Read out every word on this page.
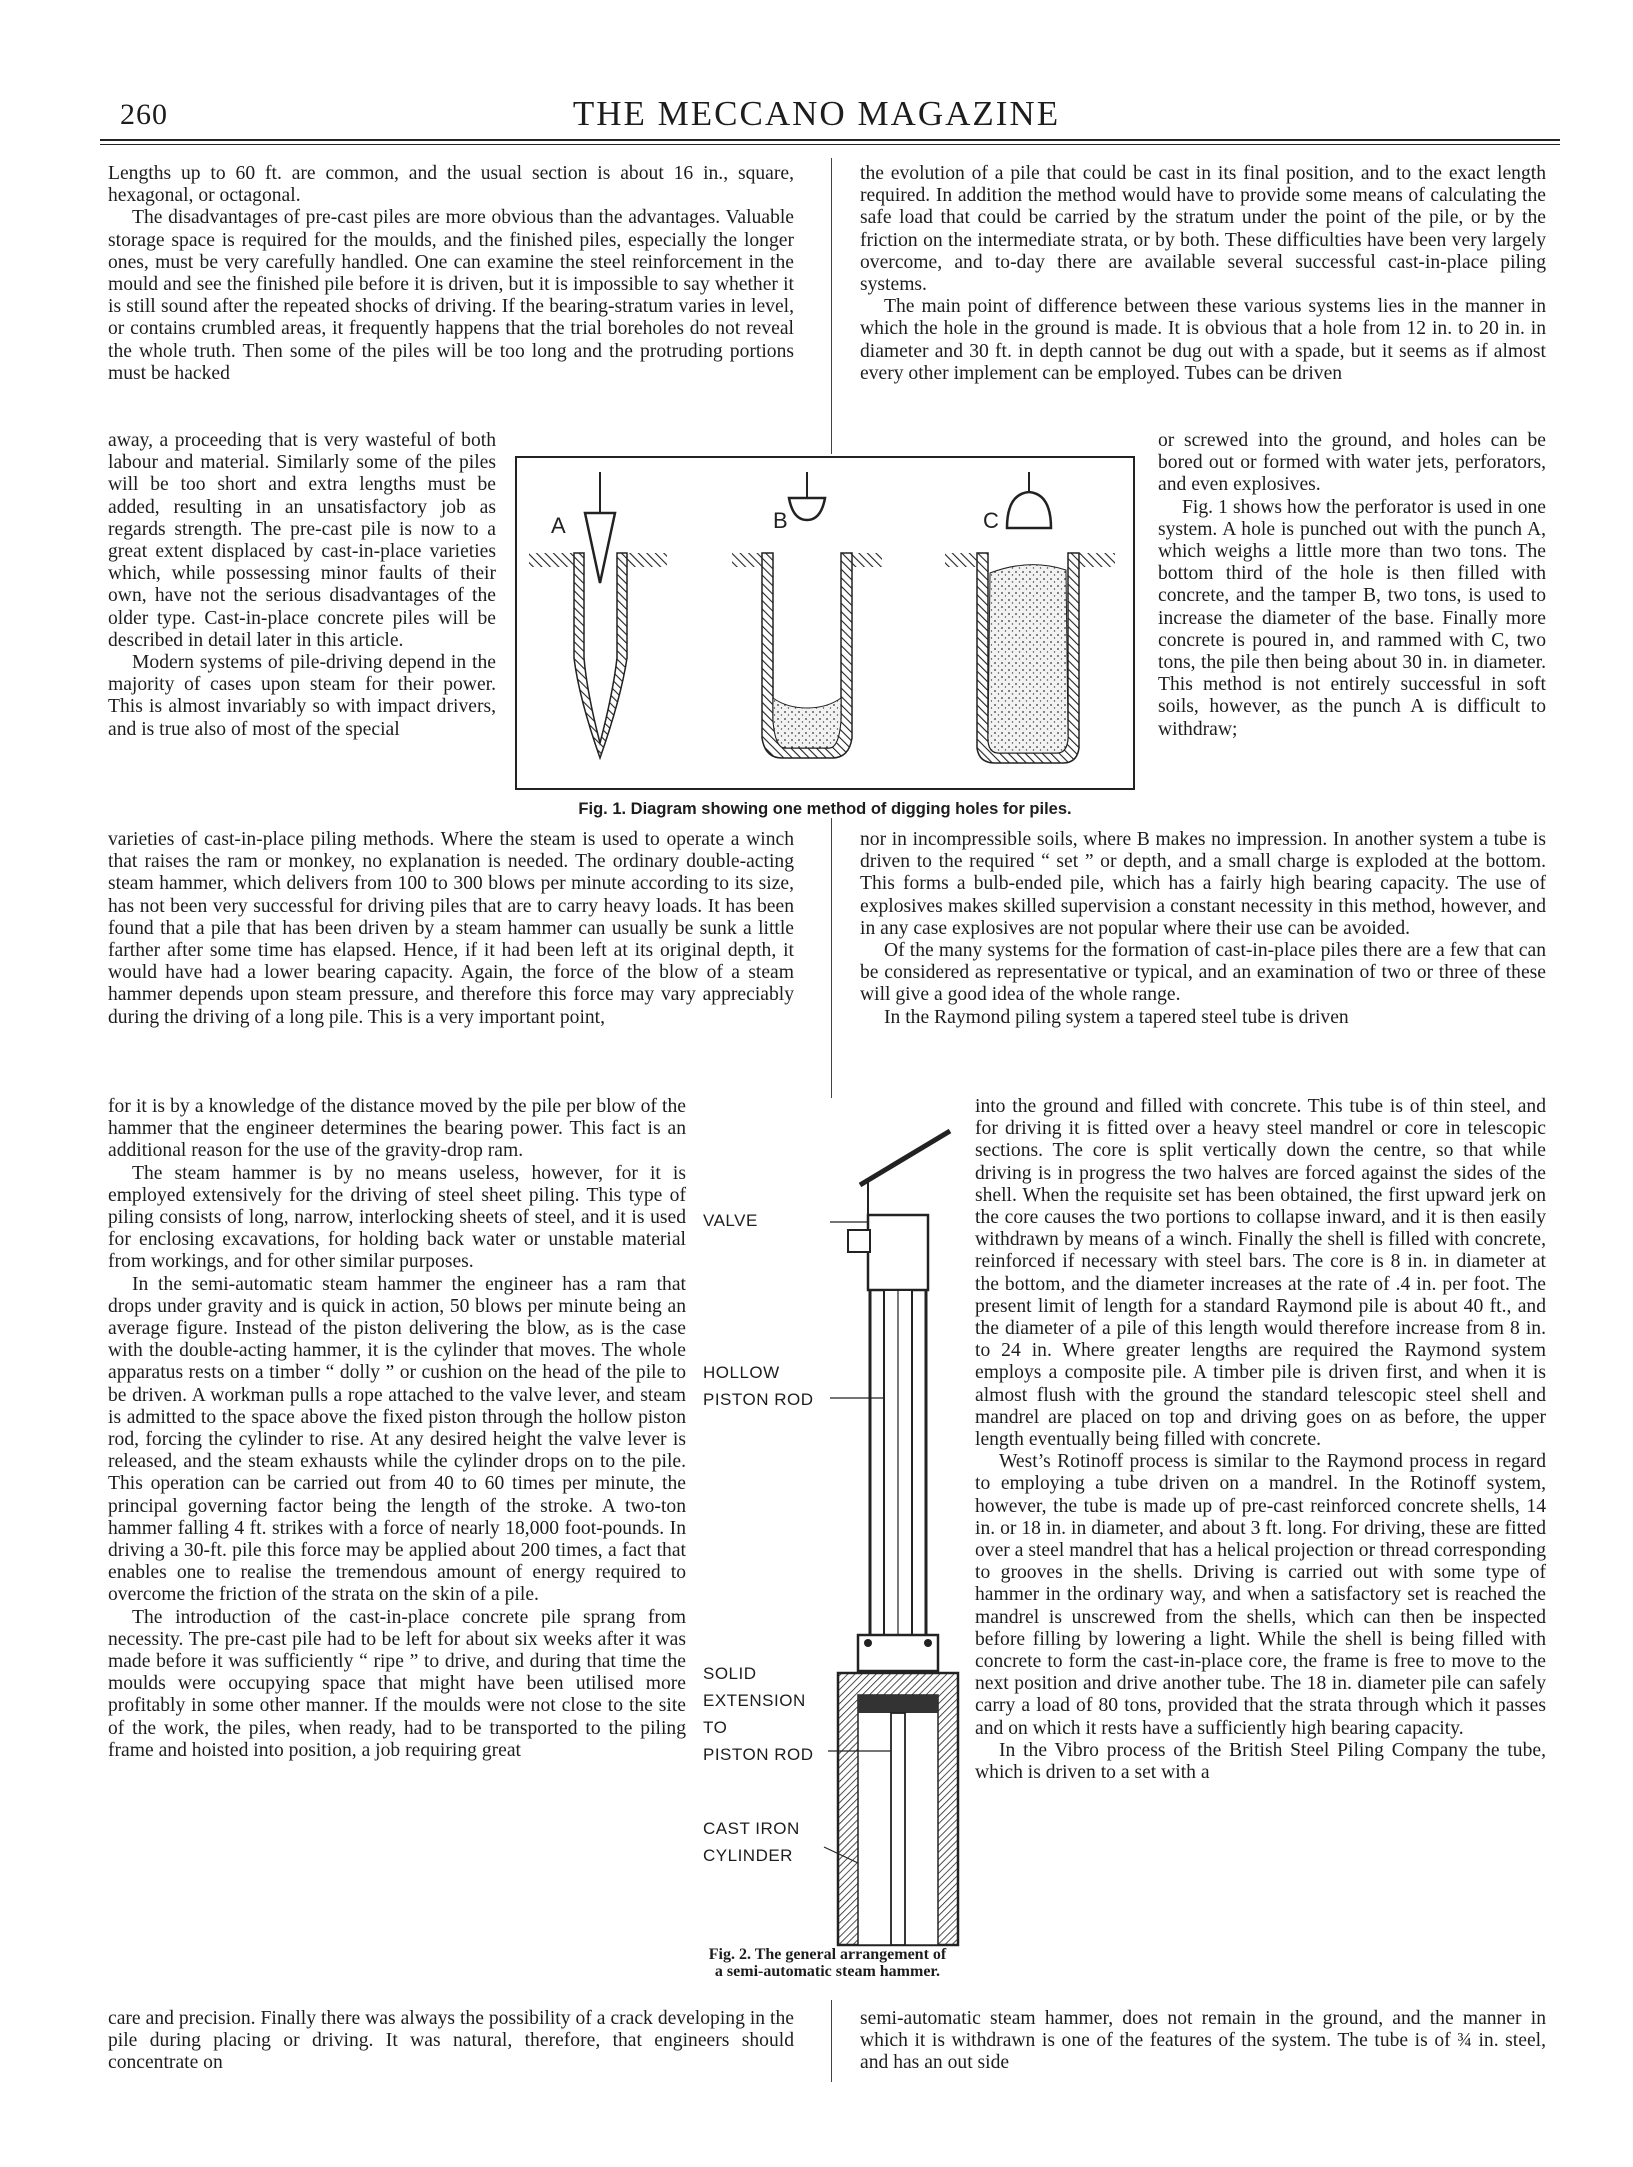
260	THE MECCANO MAGAZINE

Lengths up to 60 ft. are common, and the usual section is about 16 in., square, hexagonal, or octagonal.

The disadvantages of pre-cast piles are more obvious than the advantages. Valuable storage space is required for the moulds, and the finished piles, especially the longer ones, must be very carefully handled. One can examine the steel reinforcement in the mould and see the finished pile before it is driven, but it is impossible to say whether it is still sound after the repeated shocks of driving. If the bearing-stratum varies in level, or contains crumbled areas, it frequently happens that the trial boreholes do not reveal the whole truth. Then some of the piles will be too long and the protruding portions must be hacked

away, a proceeding that is very wasteful of both labour and material. Similarly some of the piles will be too short and extra lengths must be added, resulting in an unsatisfactory job as regards strength. The pre-cast pile is now to a great extent displaced by cast-in-place varieties which, while possessing minor faults of their own, have not the serious disadvantages of the older type. Cast-in-place concrete piles will be described in detail later in this article.

Modern systems of pile-driving depend in the majority of cases upon steam for their power. This is almost invariably so with impact drivers, and is true also of most of the special

varieties of cast-in-place piling methods. Where the steam is used to operate a winch that raises the ram or monkey, no explanation is needed. The ordinary double-acting steam hammer, which delivers from 100 to 300 blows per minute according to its size, has not been very successful for driving piles that are to carry heavy loads. It has been found that a pile that has been driven by a steam hammer can usually be sunk a little farther after some time has elapsed. Hence, if it had been left at its original depth, it would have had a lower bearing capacity. Again, the force of the blow of a steam hammer depends upon steam pressure, and therefore this force may vary appreciably during the driving of a long pile. This is a very important point,

for it is by a knowledge of the distance moved by the pile per blow of the hammer that the engineer determines the bearing power. This fact is an additional reason for the use of the gravity-drop ram.

The steam hammer is by no means useless, however, for it is employed extensively for the driving of steel sheet piling. This type of piling consists of long, narrow, interlocking sheets of steel, and it is used for enclosing excavations, for holding back water or unstable material from workings, and for other similar purposes.

In the semi-automatic steam hammer the engineer has a ram that drops under gravity and is quick in action, 50 blows per minute being an average figure. Instead of the piston delivering the blow, as is the case with the double-acting hammer, it is the cylinder that moves. The whole apparatus rests on a timber “ dolly ” or cushion on the head of the pile to be driven. A workman pulls a rope attached to the valve lever, and steam is admitted to the space above the fixed piston through the hollow piston rod, forcing the cylinder to rise. At any desired height the valve lever is released, and the steam exhausts while the cylinder drops on to the pile. This operation can be carried out from 40 to 60 times per minute, the principal governing factor being the length of the stroke. A two-ton hammer falling 4 ft. strikes with a force of nearly 18,000 foot-pounds. In driving a 30-ft. pile this force may be applied about 200 times, a fact that enables one to realise the tremendous amount of energy required to overcome the friction of the strata on the skin of a pile.

The introduction of the cast-in-place concrete pile sprang from necessity. The pre-cast pile had to be left for about six weeks after it was made before it was sufficiently “ ripe ” to drive, and during that time the moulds were occupying space that might have been utilised more profitably in some other manner. If the moulds were not close to the site of the work, the piles, when ready, had to be transported to the piling frame and hoisted into position, a job requiring great

care and precision. Finally there was always the possibility of a crack developing in the pile during placing or driving. It was natural, therefore, that engineers should concentrate on

the evolution of a pile that could be cast in its final position, and to the exact length required. In addition the method would have to provide some means of calculating the safe load that could be carried by the stratum under the point of the pile, or by the friction on the intermediate strata, or by both. These difficulties have been very largely overcome, and to-day there are available several successful cast-in-place piling systems.

The main point of difference between these various systems lies in the manner in which the hole in the ground is made. It is obvious that a hole from 12 in. to 20 in. in diameter and 30 ft. in depth cannot be dug out with a spade, but it seems as if almost every other implement can be employed. Tubes can be driven

or screwed into the ground, and holes can be bored out or formed with water jets, perforators, and even explosives.

Fig. 1 shows how the perforator is used in one system. A hole is punched out with the punch A, which weighs a little more than two tons. The bottom third of the hole is then filled with concrete, and the tamper B, two tons, is used to increase the diameter of the base. Finally more concrete is poured in, and rammed with C, two tons, the pile then being about 30 in. in diameter. This method is not entirely successful in soft soils, however, as the punch A is difficult to withdraw;

nor in incompressible soils, where B makes no impression. In another system a tube is driven to the required “ set ” or depth, and a small charge is exploded at the bottom. This forms a bulb-ended pile, which has a fairly high bearing capacity. The use of explosives makes skilled supervision a constant necessity in this method, however, and in any case explosives are not popular where their use can be avoided.

Of the many systems for the formation of cast-in-place piles there are a few that can be considered as representative or typical, and an examination of two or three of these will give a good idea of the whole range.

In the Raymond piling system a tapered steel tube is driven

into the ground and filled with concrete. This tube is of thin steel, and for driving it is fitted over a heavy steel mandrel or core in telescopic sections. The core is split vertically down the centre, so that while driving is in progress the two halves are forced against the sides of the shell. When the requisite set has been obtained, the first upward jerk on the core causes the two portions to collapse inward, and it is then easily withdrawn by means of a winch. Finally the shell is filled with concrete, reinforced if necessary with steel bars. The core is 8 in. in diameter at the bottom, and the diameter increases at the rate of .4 in. per foot. The present limit of length for a standard Raymond pile is about 40 ft., and the diameter of a pile of this length would therefore increase from 8 in. to 24 in. Where greater lengths are required the Raymond system employs a composite pile. A timber pile is driven first, and when it is almost flush with the ground the standard telescopic steel shell and mandrel are placed on top and driving goes on as before, the upper length eventually being filled with concrete.

West’s Rotinoff process is similar to the Raymond process in regard to employing a tube driven on a mandrel. In the Rotinoff system, however, the tube is made up of pre-cast reinforced concrete shells, 14 in. or 18 in. in diameter, and about 3 ft. long. For driving, these are fitted over a steel mandrel that has a helical projection or thread corresponding to grooves in the shells. Driving is carried out with some type of hammer in the ordinary way, and when a satisfactory set is reached the mandrel is unscrewed from the shells, which can then be inspected before filling by lowering a light. While the shell is being filled with concrete to form the cast-in-place core, the frame is free to move to the next position and drive another tube. The 18 in. diameter pile can safely carry a load of 80 tons, provided that the strata through which it passes and on which it rests have a sufficiently high bearing capacity.

In the Vibro process of the British Steel Piling Company the tube, which is driven to a set with a

semi-automatic steam hammer, does not remain in the ground, and the manner in which it is withdrawn is one of the features of the system. The tube is of ¾ in. steel, and has an out side

A	B	C
Fig. 1. Diagram showing one method of digging holes for piles.
VALVE
HOLLOW
PISTON ROD
SOLID
EXTENSION
TO
PISTON ROD
CAST IRON
CYLINDER
Fig. 2. The general arrangement of a semi-automatic steam hammer.
